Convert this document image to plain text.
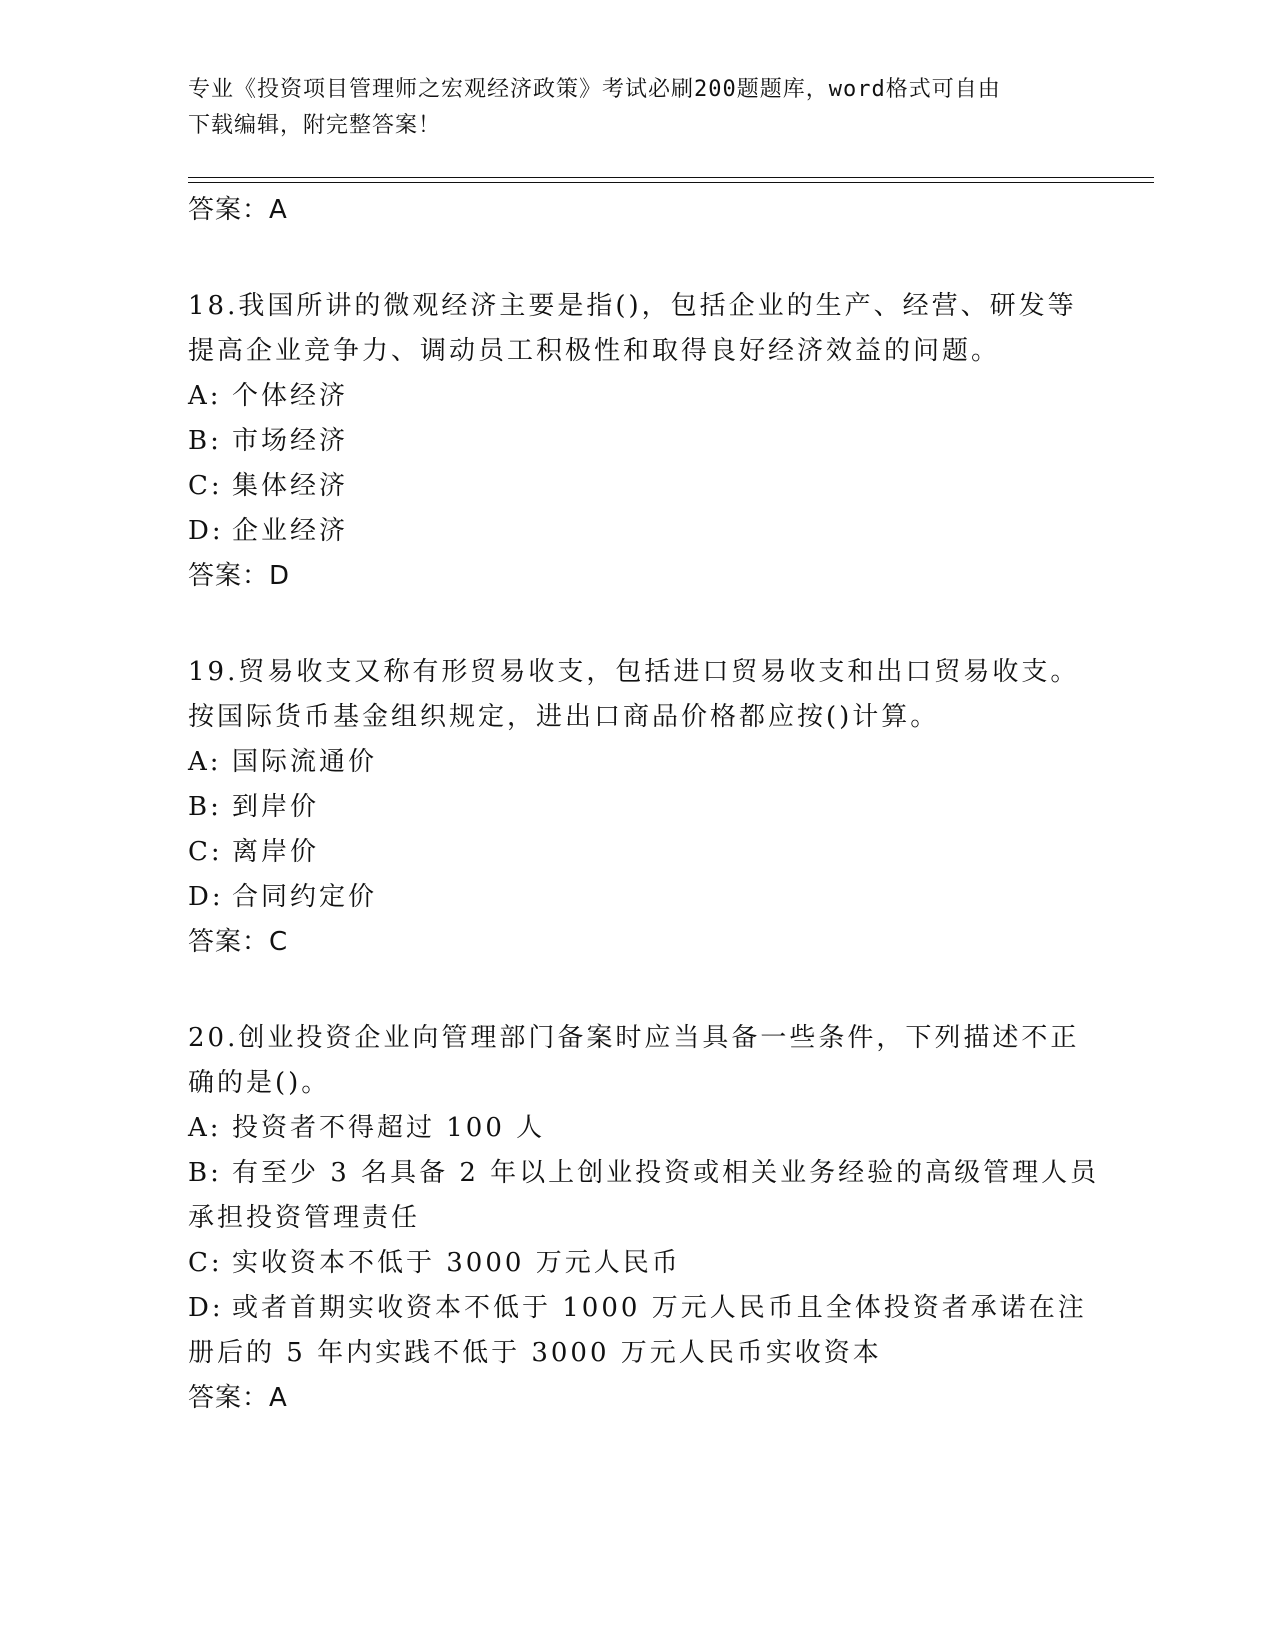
专业《投资项目管理师之宏观经济政策》考试必刷200题题库，word格式可自由
下载编辑，附完整答案！
答案：A
18.我国所讲的微观经济主要是指()，包括企业的生产、经营、研发等
提高企业竞争力、调动员工积极性和取得良好经济效益的问题。
A: 个体经济
B: 市场经济
C: 集体经济
D: 企业经济
答案：D
19.贸易收支又称有形贸易收支，包括进口贸易收支和出口贸易收支。
按国际货币基金组织规定，进出口商品价格都应按()计算。
A: 国际流通价
B: 到岸价
C: 离岸价
D: 合同约定价
答案：C
20.创业投资企业向管理部门备案时应当具备一些条件，下列描述不正
确的是()。
A: 投资者不得超过 100 人
B: 有至少 3 名具备 2 年以上创业投资或相关业务经验的高级管理人员
承担投资管理责任
C: 实收资本不低于 3000 万元人民币
D: 或者首期实收资本不低于 1000 万元人民币且全体投资者承诺在注
册后的 5 年内实践不低于 3000 万元人民币实收资本
答案：A
